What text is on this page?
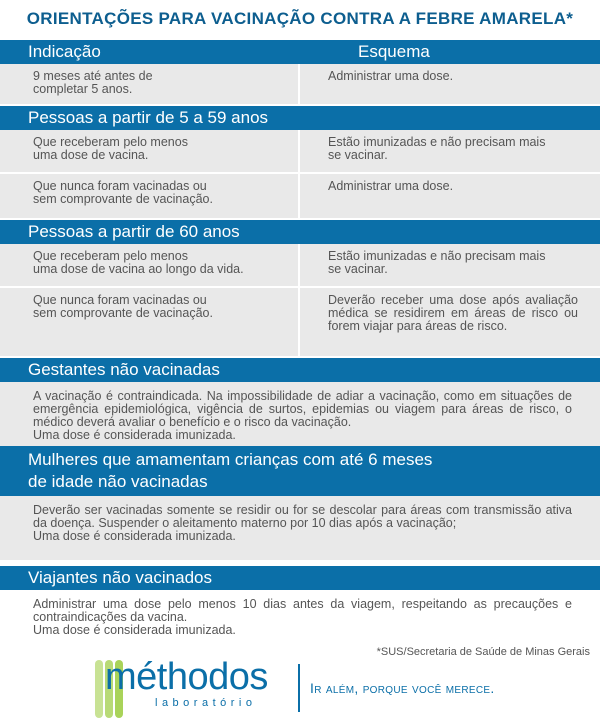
ORIENTAÇÕES PARA VACINAÇÃO CONTRA A FEBRE AMARELA*
Indicação	Esquema
9 meses até antes de
completar 5 anos.
Administrar uma dose.
Pessoas a partir de 5 a 59 anos
Que receberam pelo menos
uma dose de vacina.
Estão imunizadas e não precisam mais
se vacinar.
Que nunca foram vacinadas ou
sem comprovante de vacinação.
Administrar uma dose.
Pessoas a partir de 60 anos
Que receberam pelo menos
uma dose de vacina ao longo da vida.
Estão imunizadas e não precisam mais
se vacinar.
Que nunca foram vacinadas ou
sem comprovante de vacinação.
Deverão receber uma dose após avaliação médica se residirem em áreas de risco ou forem viajar para áreas de risco.
Gestantes não vacinadas

A vacinação é contraindicada. Na impossibilidade de adiar a vacinação, como em situações de emergência epidemiológica, vigência de surtos, epidemias ou viagem para áreas de risco, o médico deverá avaliar o benefício e o risco da vacinação.

Uma dose é considerada imunizada.

Mulheres que amamentam crianças com até 6 meses
de idade não vacinadas

Deverão ser vacinadas somente se residir ou for se descolar para áreas com transmissão ativa da doença. Suspender o aleitamento materno por 10 dias após a vacinação;

Uma dose é considerada imunizada.

Viajantes não vacinados

Administrar uma dose pelo menos 10 dias antes da viagem, respeitando as precauções e contraindicações da vacina.

Uma dose é considerada imunizada.

*SUS/Secretaria de Saúde de Minas Gerais
méthodos
laboratório
Ir além, porque você merece.
